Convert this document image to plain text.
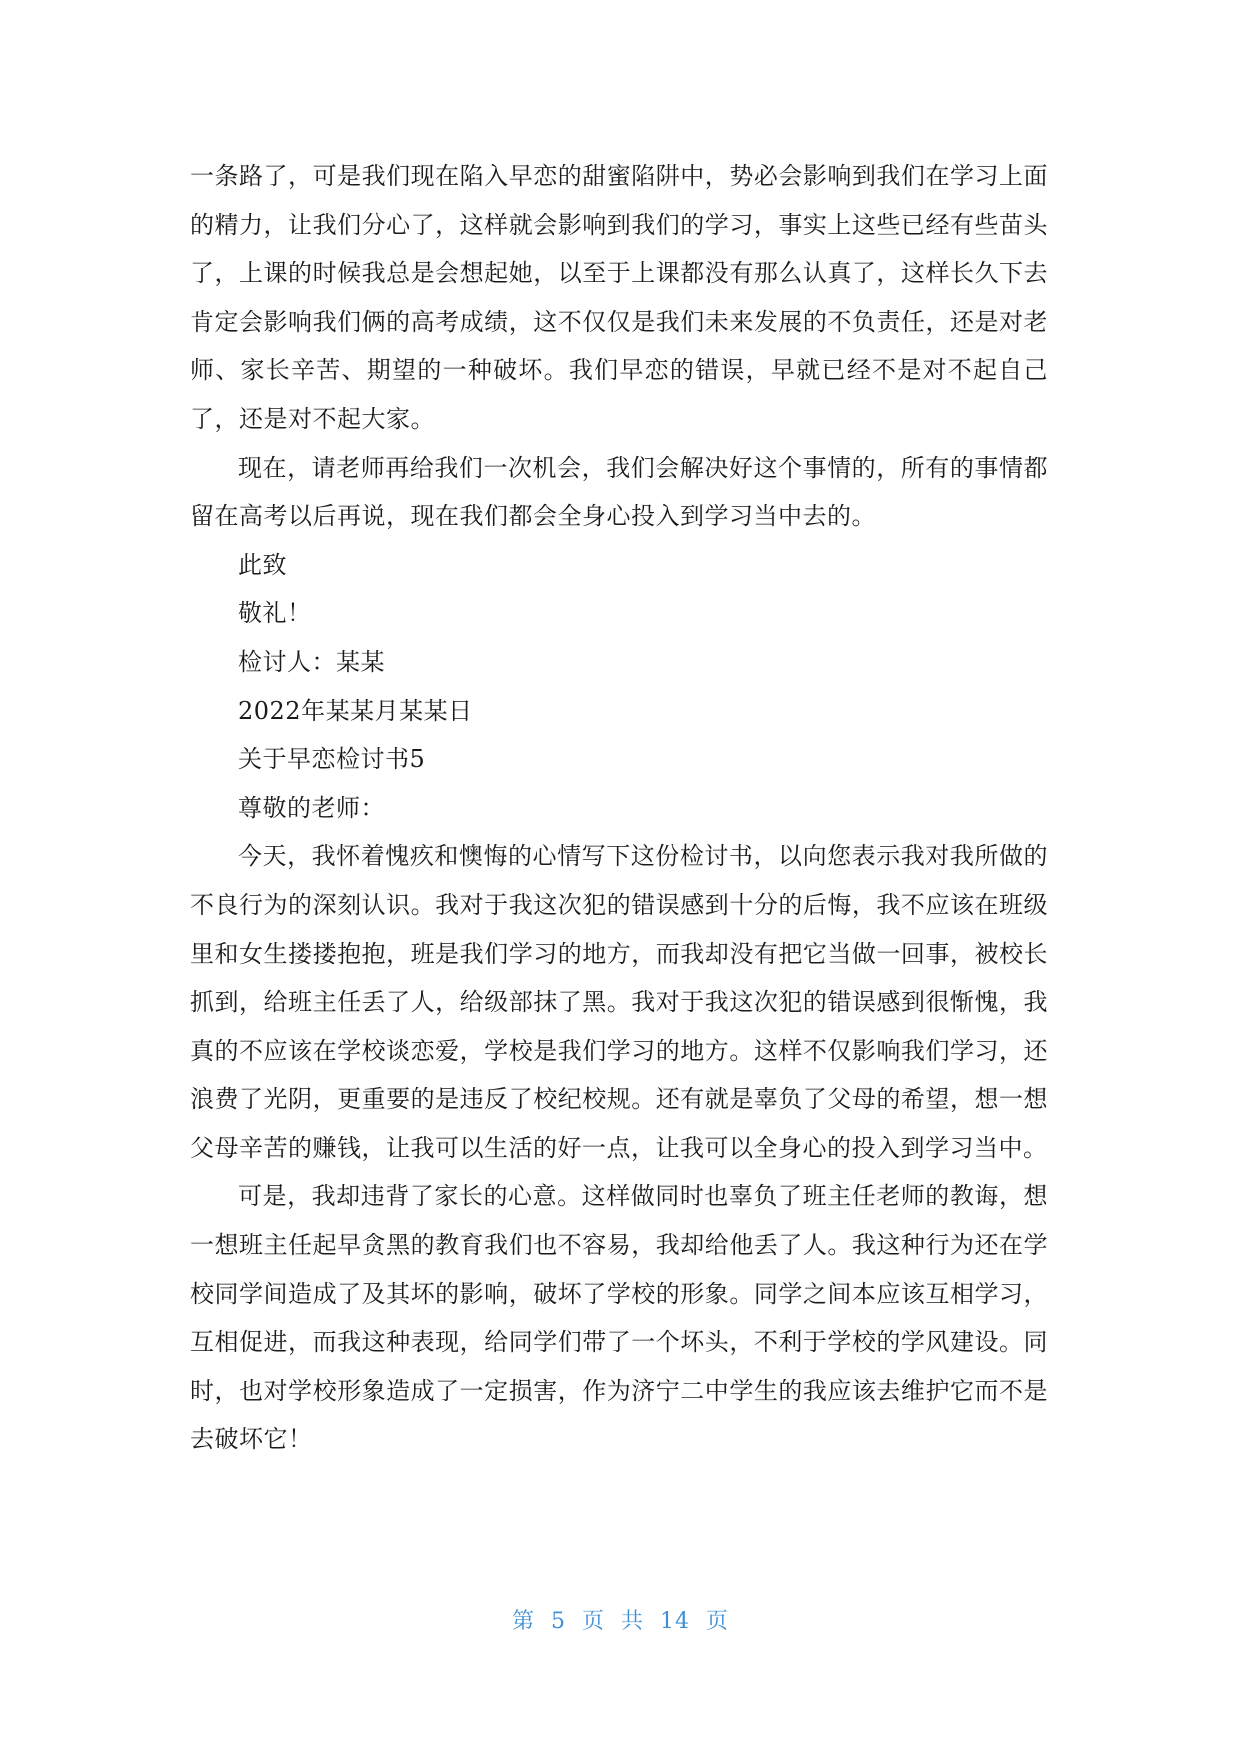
一条路了，可是我们现在陷入早恋的甜蜜陷阱中，势必会影响到我们在学习上面的精力，让我们分心了，这样就会影响到我们的学习，事实上这些已经有些苗头了，上课的时候我总是会想起她，以至于上课都没有那么认真了，这样长久下去肯定会影响我们俩的高考成绩，这不仅仅是我们未来发展的不负责任，还是对老师、家长辛苦、期望的一种破坏。我们早恋的错误，早就已经不是对不起自己了，还是对不起大家。

现在，请老师再给我们一次机会，我们会解决好这个事情的，所有的事情都留在高考以后再说，现在我们都会全身心投入到学习当中去的。

此致

敬礼！

检讨人：某某

2022年某某月某某日

关于早恋检讨书5

尊敬的老师：

今天，我怀着愧疚和懊悔的心情写下这份检讨书，以向您表示我对我所做的不良行为的深刻认识。我对于我这次犯的错误感到十分的后悔，我不应该在班级里和女生搂搂抱抱，班是我们学习的地方，而我却没有把它当做一回事，被校长抓到，给班主任丢了人，给级部抹了黑。我对于我这次犯的错误感到很惭愧，我真的不应该在学校谈恋爱，学校是我们学习的地方。这样不仅影响我们学习，还浪费了光阴，更重要的是违反了校纪校规。还有就是辜负了父母的希望，想一想父母辛苦的赚钱，让我可以生活的好一点，让我可以全身心的投入到学习当中。

可是，我却违背了家长的心意。这样做同时也辜负了班主任老师的教诲，想一想班主任起早贪黑的教育我们也不容易，我却给他丢了人。我这种行为还在学校同学间造成了及其坏的影响，破坏了学校的形象。同学之间本应该互相学习，互相促进，而我这种表现，给同学们带了一个坏头，不利于学校的学风建设。同时，也对学校形象造成了一定损害，作为济宁二中学生的我应该去维护它而不是去破坏它！

第 5 页 共 14 页
